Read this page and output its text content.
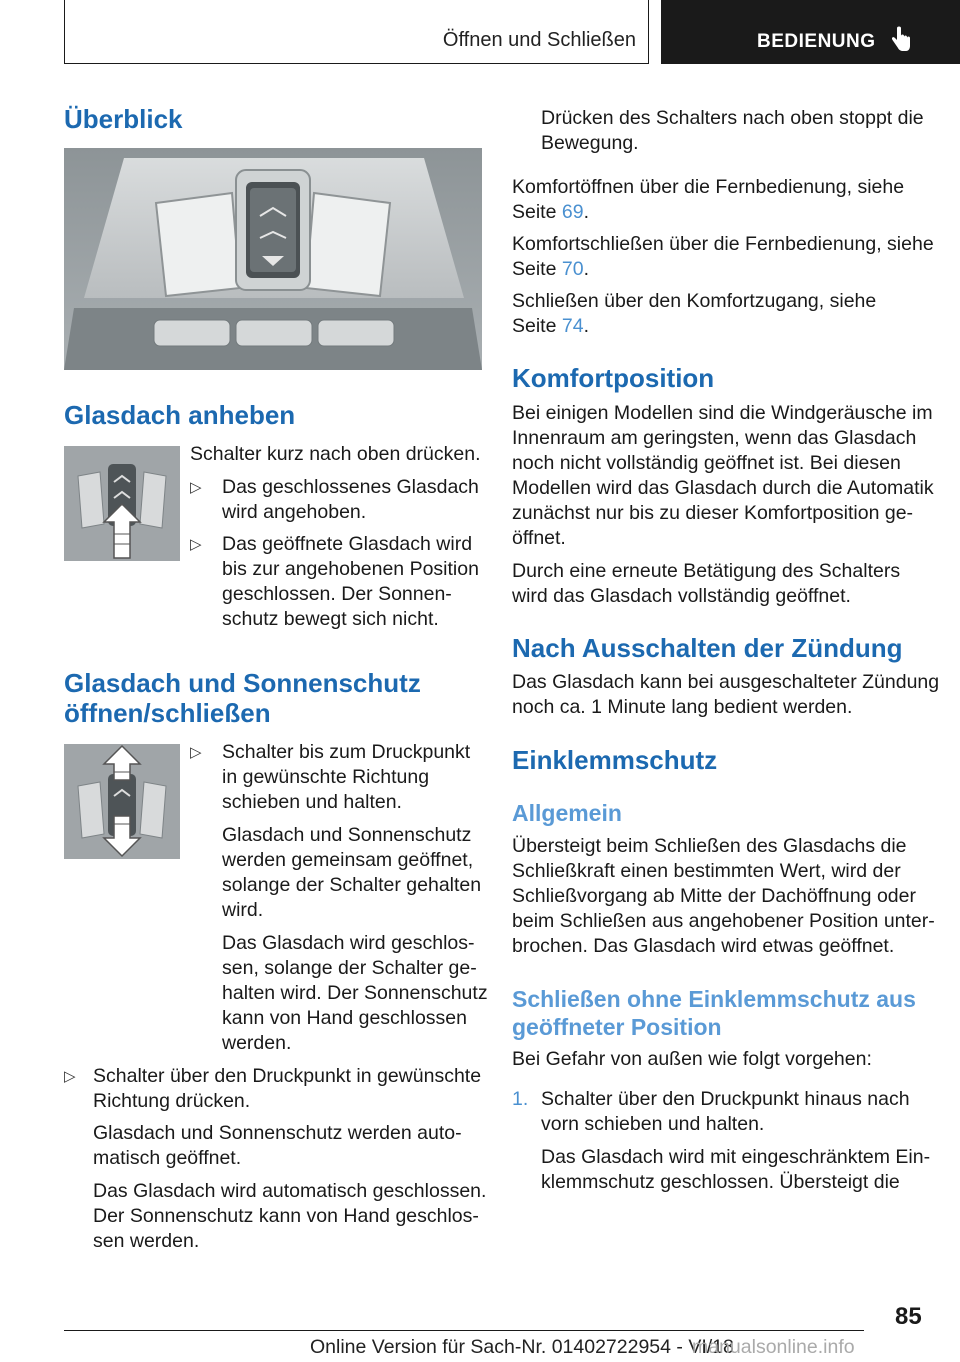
Öffnen und Schließen	BEDIENUNG
Überblick
Glasdach anheben

Schalter kurz nach oben drücken.

▷ Das geschlossenes Glasdach
wird angehoben.
▷ Das geöffnete Glasdach wird
bis zur angehobenen Position
geschlossen. Der Sonnen-
schutz bewegt sich nicht.
Glasdach und Sonnenschutz
öffnen/schließen
▷ Schalter bis zum Druckpunkt
in gewünschte Richtung
schieben und halten.

Glasdach und Sonnenschutz

werden gemeinsam geöffnet,

solange der Schalter gehalten

wird.

Das Glasdach wird geschlos-

sen, solange der Schalter ge-

halten wird. Der Sonnenschutz

kann von Hand geschlossen

werden.

▷ Schalter über den Druckpunkt in gewünschte
Richtung drücken.

Glasdach und Sonnenschutz werden auto-

matisch geöffnet.

Das Glasdach wird automatisch geschlossen.

Der Sonnenschutz kann von Hand geschlos-

sen werden.

Drücken des Schalters nach oben stoppt die

Bewegung.

Komfortöffnen über die Fernbedienung, siehe

Seite 69.

Komfortschließen über die Fernbedienung, siehe

Seite 70.

Schließen über den Komfortzugang, siehe

Seite 74.

Komfortposition

Bei einigen Modellen sind die Windgeräusche im

Innenraum am geringsten, wenn das Glasdach

noch nicht vollständig geöffnet ist. Bei diesen

Modellen wird das Glasdach durch die Automatik

zunächst nur bis zu dieser Komfortposition ge-

öffnet.

Durch eine erneute Betätigung des Schalters

wird das Glasdach vollständig geöffnet.

Nach Ausschalten der Zündung

Das Glasdach kann bei ausgeschalteter Zündung

noch ca. 1 Minute lang bedient werden.

Einklemmschutz
Allgemein

Übersteigt beim Schließen des Glasdachs die

Schließkraft einen bestimmten Wert, wird der

Schließvorgang ab Mitte der Dachöffnung oder

beim Schließen aus angehobener Position unter-

brochen. Das Glasdach wird etwas geöffnet.

Schließen ohne Einklemmschutz aus
geöffneter Position

Bei Gefahr von außen wie folgt vorgehen:

1. Schalter über den Druckpunkt hinaus nach
vorn schieben und halten.

Das Glasdach wird mit eingeschränktem Ein-

klemmschutz geschlossen. Übersteigt die

85
Online Version für Sach-Nr. 01402722954 - VI/18
manualsonline.info
